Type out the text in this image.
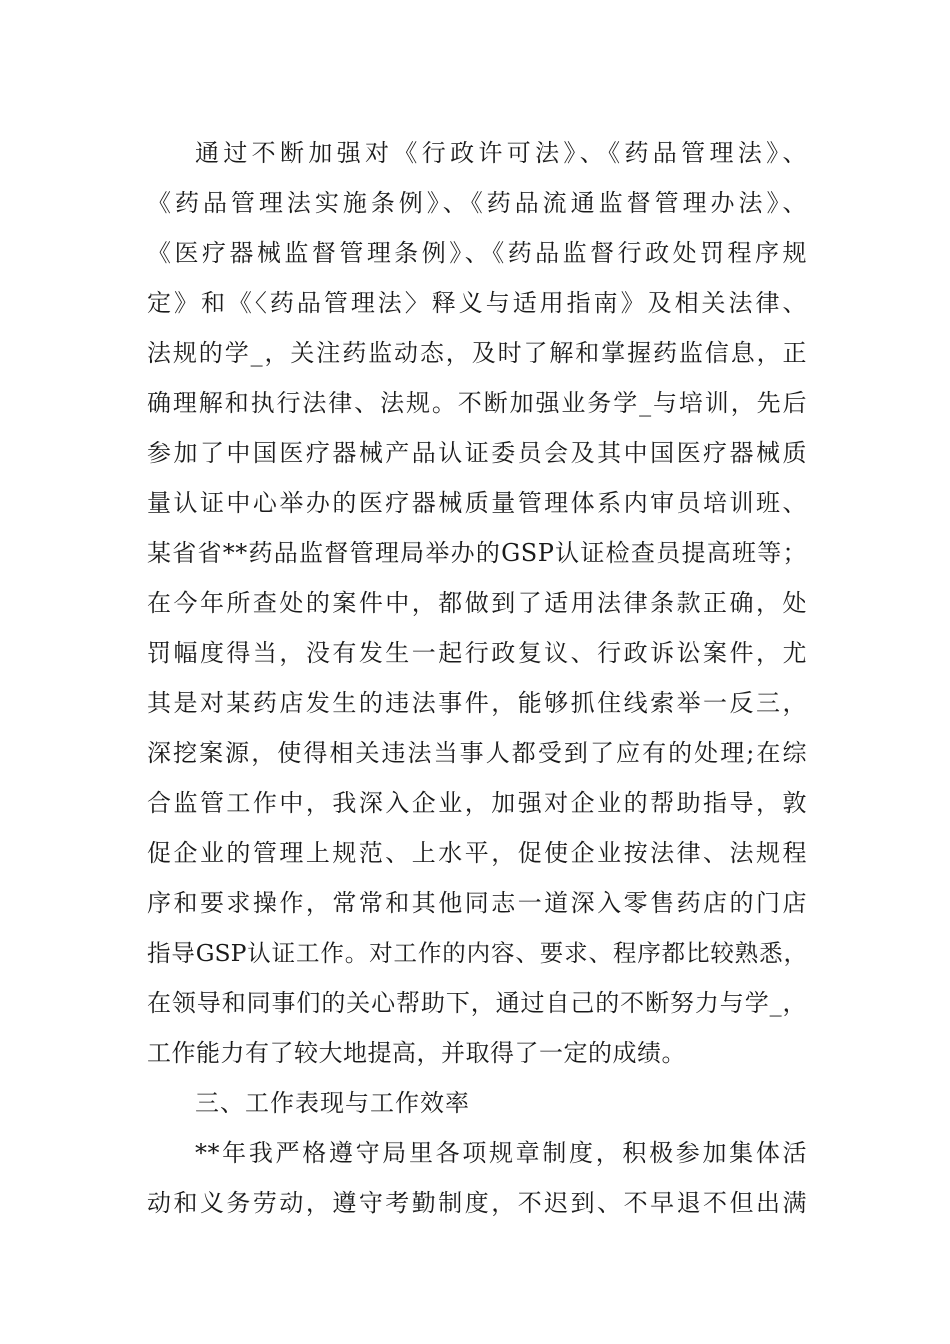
通过不断加强对《行政许可法》、《药品管理法》、
《药品管理法实施条例》、《药品流通监督管理办法》、
《医疗器械监督管理条例》、《药品监督行政处罚程序规
定》和《〈药品管理法〉释义与适用指南》及相关法律、
法规的学_，关注药监动态，及时了解和掌握药监信息，正
确理解和执行法律、法规。不断加强业务学_与培训，先后
参加了中国医疗器械产品认证委员会及其中国医疗器械质
量认证中心举办的医疗器械质量管理体系内审员培训班、
某省省**药品监督管理局举办的GSP认证检查员提高班等；
在今年所查处的案件中，都做到了适用法律条款正确，处
罚幅度得当，没有发生一起行政复议、行政诉讼案件，尤
其是对某药店发生的违法事件，能够抓住线索举一反三，
深挖案源，使得相关违法当事人都受到了应有的处理;在综
合监管工作中，我深入企业，加强对企业的帮助指导，敦
促企业的管理上规范、上水平，促使企业按法律、法规程
序和要求操作，常常和其他同志一道深入零售药店的门店
指导GSP认证工作。对工作的内容、要求、程序都比较熟悉，
在领导和同事们的关心帮助下，通过自己的不断努力与学_，
工作能力有了较大地提高，并取得了一定的成绩。
三、工作表现与工作效率
**年我严格遵守局里各项规章制度，积极参加集体活
动和义务劳动，遵守考勤制度，不迟到、不早退不但出满
